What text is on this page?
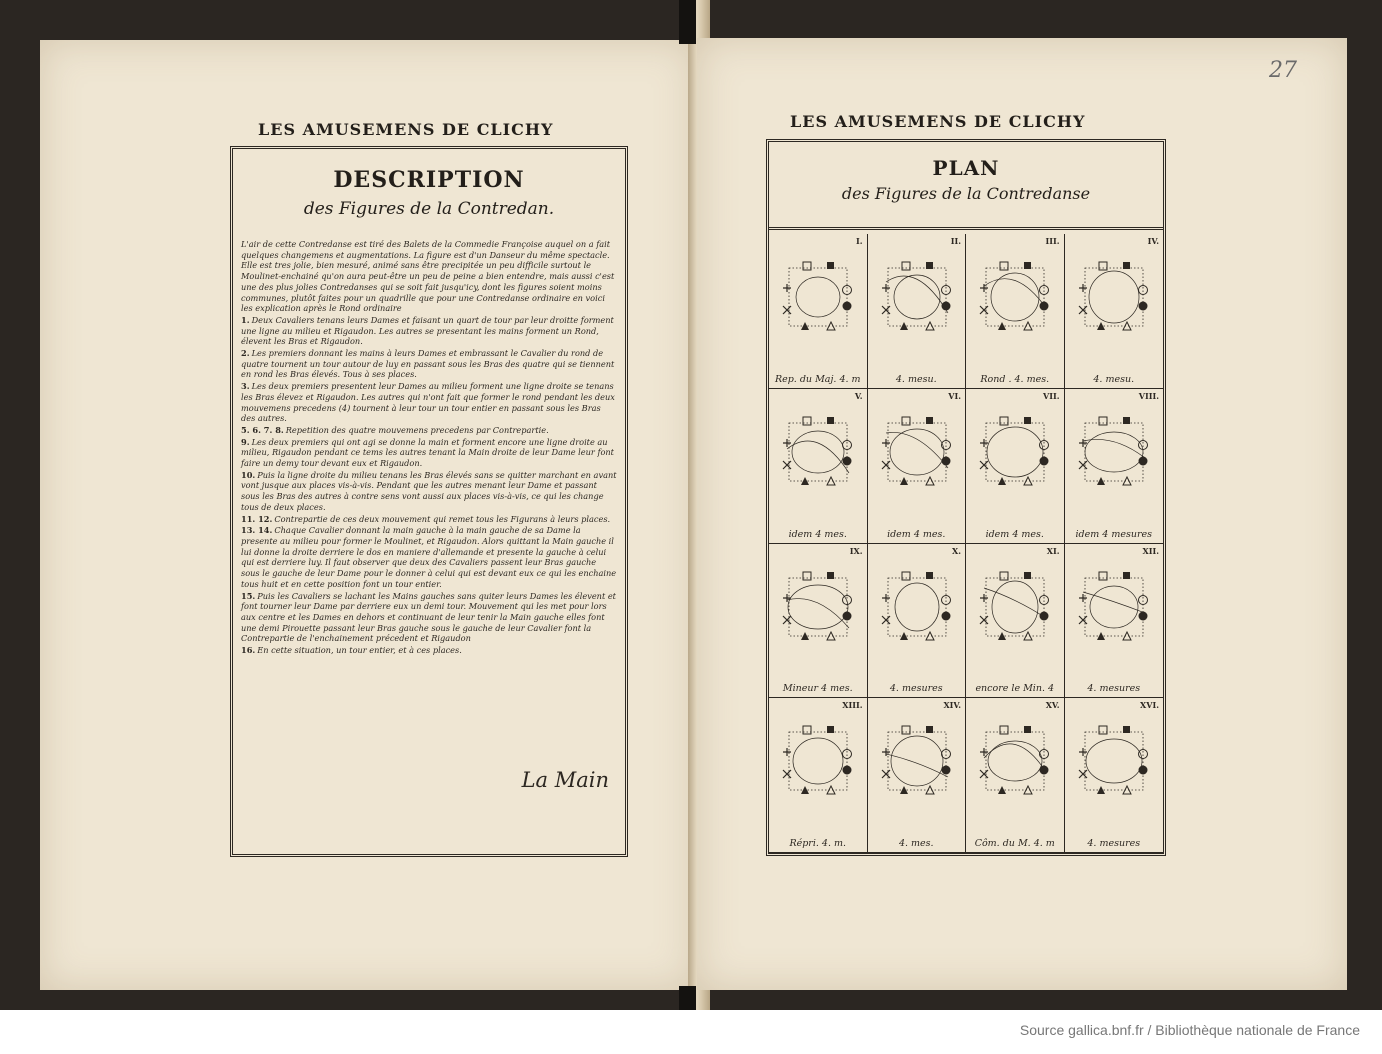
LES AMUSEMENS DE CLICHY
DESCRIPTION
des Figures de la Contredan.

L'air de cette Contredanse est tiré des Balets de la Commedie Françoise auquel on a fait quelques changemens et augmentations. La figure est d'un Danseur du même spectacle. Elle est tres jolie, bien mesuré, animé sans être precipitée un peu difficile surtout le Moulinet-enchainé qu'on aura peut-être un peu de peine a bien entendre, mais aussi c'est une des plus jolies Contredanses qui se soit fait jusqu'icy, dont les figures soient moins communes, plutôt faites pour un quadrille que pour une Contredanse ordinaire en voici les explication après le Rond ordinaire

1. Deux Cavaliers tenans leurs Dames et faisant un quart de tour par leur droitte forment une ligne au milieu et Rigaudon. Les autres se presentant les mains forment un Rond, élevent les Bras et Rigaudon.

2. Les premiers donnant les mains à leurs Dames et embrassant le Cavalier du rond de quatre tournent un tour autour de luy en passant sous les Bras des quatre qui se tiennent en rond les Bras élevés. Tous à ses places.

3. Les deux premiers presentent leur Dames au milieu forment une ligne droite se tenans les Bras élevez et Rigaudon. Les autres qui n'ont fait que former le rond pendant les deux mouvemens precedens (4) tournent à leur tour un tour entier en passant sous les Bras des autres.

5. 6. 7. 8. Repetition des quatre mouvemens precedens par Contrepartie.

9. Les deux premiers qui ont agi se donne la main et forment encore une ligne droite au milieu, Rigaudon pendant ce tems les autres tenant la Main droite de leur Dame leur font faire un demy tour devant eux et Rigaudon.

10. Puis la ligne droite du milieu tenans les Bras élevés sans se quitter marchant en avant vont jusque aux places vis-à-vis. Pendant que les autres menant leur Dame et passant sous les Bras des autres à contre sens vont aussi aux places vis-à-vis, ce qui les change tous de deux places.

11. 12. Contrepartie de ces deux mouvement qui remet tous les Figurans à leurs places.

13. 14. Chaque Cavalier donnant la main gauche à la main gauche de sa Dame la presente au milieu pour former le Moulinet, et Rigaudon. Alors quittant la Main gauche il lui donne la droite derriere le dos en maniere d'allemande et presente la gauche à celui qui est derriere luy. Il faut observer que deux des Cavaliers passent leur Bras gauche sous le gauche de leur Dame pour le donner à celui qui est devant eux ce qui les enchaine tous huit et en cette position font un tour entier.

15. Puis les Cavaliers se lachant les Mains gauches sans quiter leurs Dames les élevent et font tourner leur Dame par derriere eux un demi tour. Mouvement qui les met pour lors aux centre et les Dames en dehors et continuant de leur tenir la Main gauche elles font une demi Pirouette passant leur Bras gauche sous le gauche de leur Cavalier font la Contrepartie de l'enchainement précedent et Rigaudon

16. En cette situation, un tour entier, et à ces places.

La Main
27
LES AMUSEMENS DE CLICHY
PLAN
des Figures de la Contredanse
I.
Rep. du Maj. 4. m
II.
4. mesu.
III.
Rond . 4. mes.
IV.
4. mesu.
V.
idem 4 mes.
VI.
idem 4 mes.
VII.
idem 4 mes.
VIII.
idem 4 mesures
IX.
Mineur 4 mes.
X.
4. mesures
XI.
encore le Min. 4
XII.
4. mesures
XIII.
Répri. 4. m.
XIV.
4. mes.
XV.
Côm. du M. 4. m
XVI.
4. mesures
Source gallica.bnf.fr / Bibliothèque nationale de France
